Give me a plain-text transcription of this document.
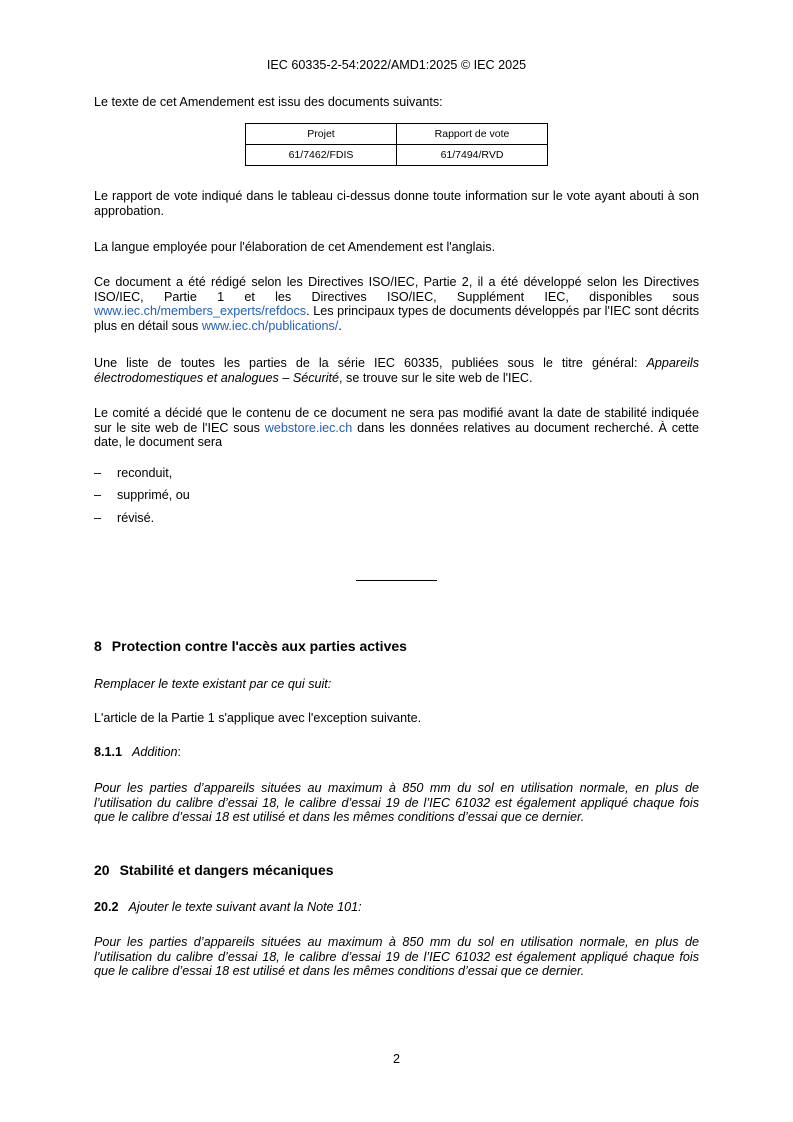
IEC 60335-2-54:2022/AMD1:2025 © IEC 2025

Le texte de cet Amendement est issu des documents suivants:

Projet	Rapport de vote
61/7462/FDIS	61/7494/RVD

Le rapport de vote indiqué dans le tableau ci-dessus donne toute information sur le vote ayant abouti à son approbation.

La langue employée pour l'élaboration de cet Amendement est l'anglais.

Ce document a été rédigé selon les Directives ISO/IEC, Partie 2, il a été développé selon les Directives ISO/IEC, Partie 1 et les Directives ISO/IEC, Supplément IEC, disponibles sous www.iec.ch/members_experts/refdocs. Les principaux types de documents développés par l'IEC sont décrits plus en détail sous www.iec.ch/publications/.

Une liste de toutes les parties de la série IEC 60335, publiées sous le titre général: Appareils électrodomestiques et analogues – Sécurité, se trouve sur le site web de l'IEC.

Le comité a décidé que le contenu de ce document ne sera pas modifié avant la date de stabilité indiquée sur le site web de l'IEC sous webstore.iec.ch dans les données relatives au document recherché. À cette date, le document sera

– reconduit,
– supprimé, ou
– révisé.
8 Protection contre l'accès aux parties actives

Remplacer le texte existant par ce qui suit:

L'article de la Partie 1 s'applique avec l'exception suivante.

8.1.1 Addition:

Pour les parties d’appareils situées au maximum à 850 mm du sol en utilisation normale, en plus de l’utilisation du calibre d’essai 18, le calibre d’essai 19 de l’IEC 61032 est également appliqué chaque fois que le calibre d’essai 18 est utilisé et dans les mêmes conditions d’essai que ce dernier.

20 Stabilité et dangers mécaniques
20.2 Ajouter le texte suivant avant la Note 101:

Pour les parties d’appareils situées au maximum à 850 mm du sol en utilisation normale, en plus de l’utilisation du calibre d’essai 18, le calibre d’essai 19 de l’IEC 61032 est également appliqué chaque fois que le calibre d’essai 18 est utilisé et dans les mêmes conditions d’essai que ce dernier.

2
